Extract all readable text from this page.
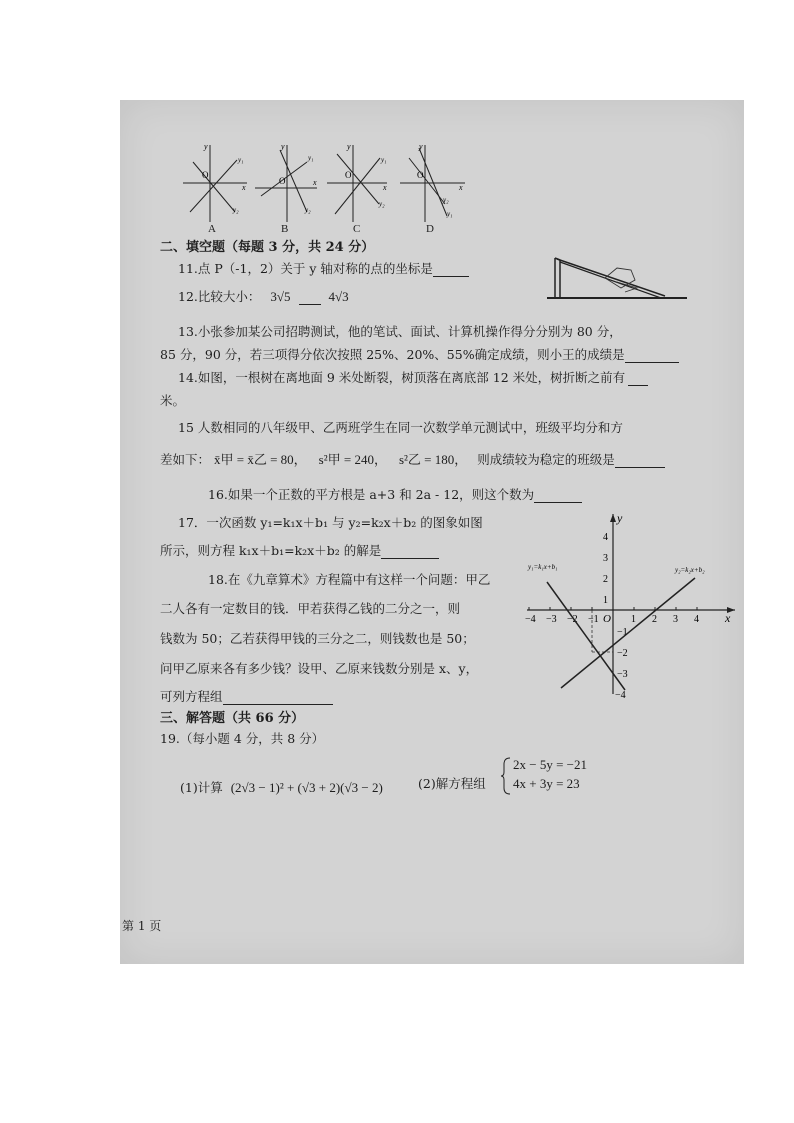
O
y
x
y₁
y₂
O
y
x
y₁
y₂
O
y
x
y₁
y₂
O
y
x
y₂
y₁
A	B	C	D
二、填空题（每题 3 分，共 24 分）
11.点 P（-1，2）关于 y 轴对称的点的坐标是
12.比较大小： 3√5	4√3
13.小张参加某公司招聘测试，他的笔试、面试、计算机操作得分分别为 80 分，
85 分，90 分，若三项得分依次按照 25%、20%、55%确定成绩，则小王的成绩是
14.如图，一根树在离地面 9 米处断裂，树顶落在离底部 12 米处，树折断之前有
米。
15 人数相同的八年级甲、乙两班学生在同一次数学单元测试中，班级平均分和方
差如下： x̄甲 = x̄乙 = 80， s²甲 = 240， s²乙 = 180， 则成绩较为稳定的班级是
16.如果一个正数的平方根是 a+3 和 2a - 12，则这个数为
17．一次函数 y₁=k₁x＋b₁ 与 y₂=k₂x＋b₂ 的图象如图
所示，则方程 k₁x＋b₁=k₂x＋b₂ 的解是
x
y
O
−4 −3 −2 −1	1 2 3 4
4
3
2
1
−1
−2
−3
−4
y₁=k₁x+b₁	y₂=k₂x+b₂
18.在《九章算术》方程篇中有这样一个问题：甲乙
二人各有一定数目的钱．甲若获得乙钱的二分之一，则
钱数为 50；乙若获得甲钱的三分之二，则钱数也是 50；
问甲乙原来各有多少钱？设甲、乙原来钱数分别是 x、y，
可列方程组
三、解答题（共 66 分）
19.（每小题 4 分，共 8 分）
(1)计算 (2√3 − 1)² + (√3 + 2)(√3 − 2)	(2)解方程组
2x − 5y = −21
4x + 3y = 23
第 1 页
